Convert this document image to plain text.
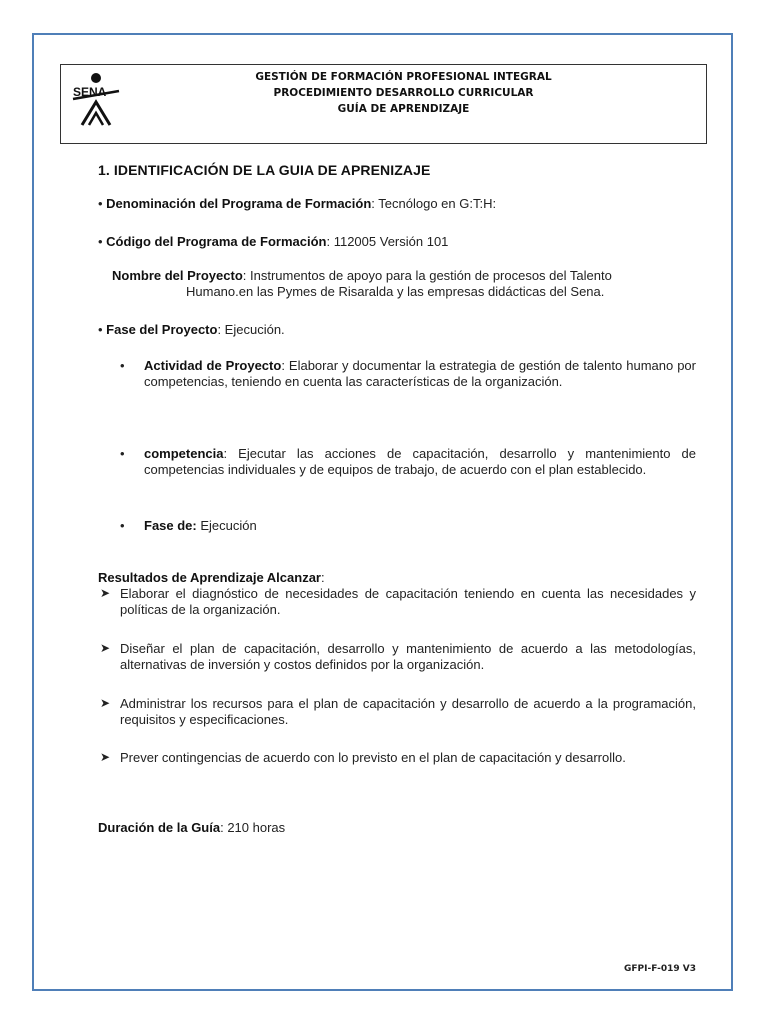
SENA
GESTIÓN DE FORMACIÓN PROFESIONAL INTEGRAL
PROCEDIMIENTO DESARROLLO CURRICULAR
GUÍA DE APRENDIZAJE
1. IDENTIFICACIÓN DE LA GUIA DE APRENIZAJE
• Denominación del Programa de Formación: Tecnólogo en G:T:H:
• Código del Programa de Formación: 112005 Versión 101
Nombre del Proyecto: Instrumentos de apoyo para la gestión de procesos del Talento
Humano.en las Pymes de Risaralda y las empresas didácticas del Sena.
• Fase del Proyecto: Ejecución.
• Actividad de Proyecto: Elaborar y documentar la estrategia de gestión de talento humano por competencias, teniendo en cuenta las características de la organización.
• competencia: Ejecutar las acciones de capacitación, desarrollo y mantenimiento de competencias individuales y de equipos de trabajo, de acuerdo con el plan establecido.
• Fase de: Ejecución
Resultados de Aprendizaje Alcanzar:
➤ Elaborar el diagnóstico de necesidades de capacitación teniendo en cuenta las necesidades y políticas de la organización.
➤ Diseñar el plan de capacitación, desarrollo y mantenimiento de acuerdo a las metodologías, alternativas de inversión y costos definidos por la organización.
➤ Administrar los recursos para el plan de capacitación y desarrollo de acuerdo a la programación, requisitos y especificaciones.
➤ Prever contingencias de acuerdo con lo previsto en el plan de capacitación y desarrollo.
Duración de la Guía: 210 horas
GFPI-F-019 V3
